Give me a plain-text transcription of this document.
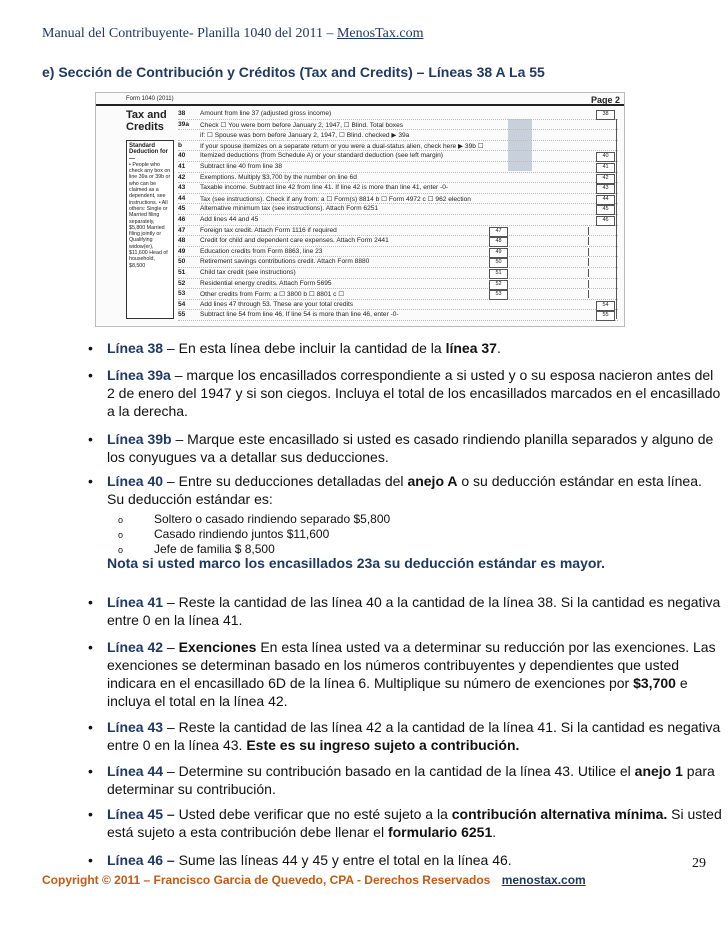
Manual del Contribuyente- Planilla 1040 del 2011 – MenosTax.com
e) Sección de Contribución y Créditos (Tax and Credits) – Líneas 38 A La 55
Form 1040 (2011)	Page 2
Tax and Credits
Standard Deduction for—
• People who check any box on line 39a or 39b or who can be claimed as a dependent, see instructions. • All others: Single or Married filing separately, $5,800 Married filing jointly or Qualifying widow(er), $11,600 Head of household, $8,500
38	Amount from line 37 (adjusted gross income)	38
39a	Check ☐ You were born before January 2, 1947, ☐ Blind. Total boxes
if: ☐ Spouse was born before January 2, 1947, ☐ Blind. checked ▶ 39a
b	If your spouse itemizes on a separate return or you were a dual-status alien, check here ▶ 39b ☐
40	Itemized deductions (from Schedule A) or your standard deduction (see left margin)	40
41	Subtract line 40 from line 38	41
42	Exemptions. Multiply $3,700 by the number on line 6d	42
43	Taxable income. Subtract line 42 from line 41. If line 42 is more than line 41, enter -0-	43
44	Tax (see instructions). Check if any from: a ☐ Form(s) 8814 b ☐ Form 4972 c ☐ 962 election	44
45	Alternative minimum tax (see instructions). Attach Form 6251	45
46	Add lines 44 and 45	46
47	Foreign tax credit. Attach Form 1116 if required	47
48	Credit for child and dependent care expenses. Attach Form 2441	48
49	Education credits from Form 8863, line 23	49
50	Retirement savings contributions credit. Attach Form 8880	50
51	Child tax credit (see instructions)	51
52	Residential energy credits. Attach Form 5695	52
53	Other credits from Form: a ☐ 3800 b ☐ 8801 c ☐	53
54	Add lines 47 through 53. These are your total credits	54
55	Subtract line 54 from line 46. If line 54 is more than line 46, enter -0-	55
• Línea 38 – En esta línea debe incluir la cantidad de la línea 37.
• Línea 39a – marque los encasillados correspondiente a si usted y o su esposa nacieron antes del 2 de enero del 1947 y si son ciegos. Incluya el total de los encasillados marcados en el encasillado a la derecha.
• Línea 39b – Marque este encasillado si usted es casado rindiendo planilla separados y alguno de los conyugues va a detallar sus deducciones.
• Línea 40 – Entre su deducciones detalladas del anejo A o su deducción estándar en esta línea. Su deducción estándar es:
• Línea 41 – Reste la cantidad de las línea 40 a la cantidad de la línea 38. Si la cantidad es negativa entre 0 en la línea 41.
• Línea 42 – Exenciones En esta línea usted va a determinar su reducción por las exenciones. Las exenciones se determinan basado en los números contribuyentes y dependientes que usted indicara en el encasillado 6D de la línea 6. Multiplique su número de exenciones por $3,700 e incluya el total en la línea 42.
• Línea 43 – Reste la cantidad de las línea 42 a la cantidad de la línea 41. Si la cantidad es negativa entre 0 en la línea 43. Este es su ingreso sujeto a contribución.
• Línea 44 – Determine su contribución basado en la cantidad de la línea 43. Utilice el anejo 1 para determinar su contribución.
• Línea 45 – Usted debe verificar que no esté sujeto a la contribución alternativa mínima. Si usted está sujeto a esta contribución debe llenar el formulario 6251.
• Línea 46 – Sume las líneas 44 y 45 y entre el total en la línea 46.
o	Soltero o casado rindiendo separado $5,800
o	Casado rindiendo juntos $11,600
o	Jefe de familia $ 8,500
Nota si usted marco los encasillados 23a su deducción estándar es mayor.
29
Copyright © 2011 – Francisco Garcia de Quevedo, CPA - Derechos Reservados menostax.com
